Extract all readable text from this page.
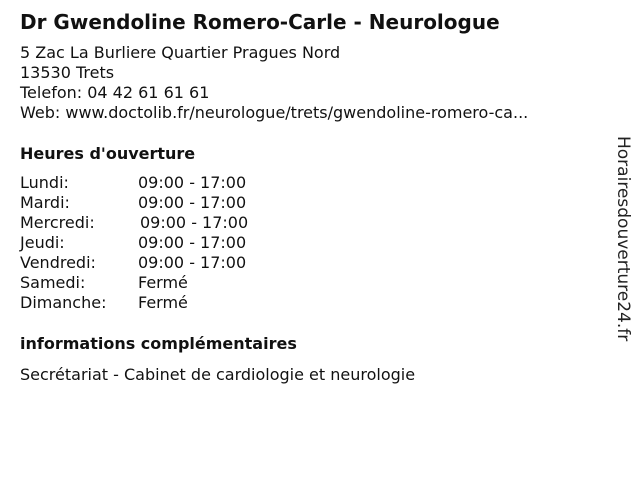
Dr Gwendoline Romero-Carle - Neurologue
5 Zac La Burliere Quartier Pragues Nord
13530 Trets
Telefon: 04 42 61 61 61
Web: www.doctolib.fr/neurologue/trets/gwendoline-romero-ca...
Heures d'ouverture
Lundi:	09:00 - 17:00
Mardi:	09:00 - 17:00
Mercredi:	09:00 - 17:00
Jeudi:	09:00 - 17:00
Vendredi:	09:00 - 17:00
Samedi:	Fermé
Dimanche: Fermé
informations complémentaires
Secrétariat - Cabinet de cardiologie et neurologie
Horairesdouverture24.fr
